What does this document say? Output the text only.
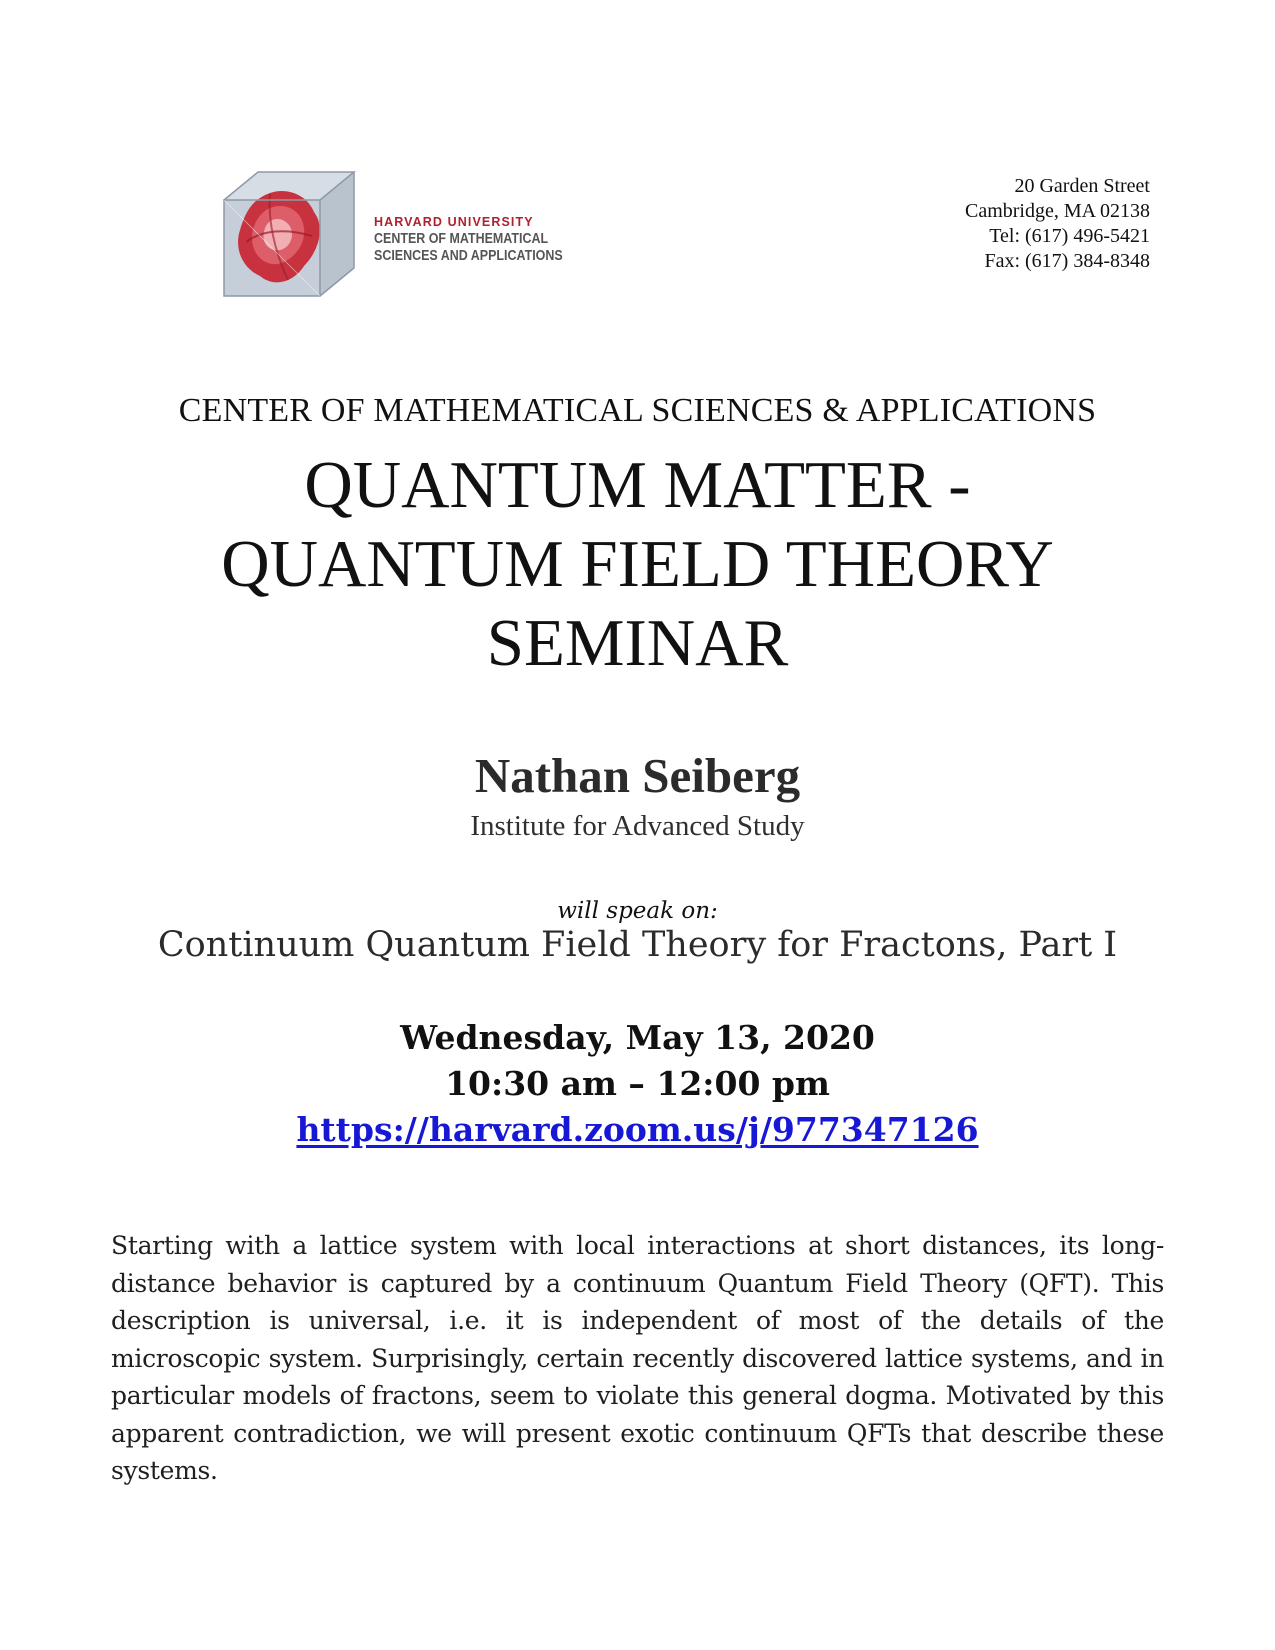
HARVARD UNIVERSITY
CENTER OF MATHEMATICAL
SCIENCES AND APPLICATIONS
20 Garden Street
Cambridge, MA 02138
Tel: (617) 496-5421
Fax: (617) 384-8348
CENTER OF MATHEMATICAL SCIENCES & APPLICATIONS
QUANTUM MATTER -
QUANTUM FIELD THEORY
SEMINAR
Nathan Seiberg
Institute for Advanced Study
will speak on:
Continuum Quantum Field Theory for Fractons, Part I
Wednesday, May 13, 2020
10:30 am – 12:00 pm
https://harvard.zoom.us/j/977347126

Starting with a lattice system with local interactions at short distances, its long-distance behavior is captured by a continuum Quantum Field Theory (QFT). This description is universal, i.e. it is independent of most of the details of the microscopic system. Surprisingly, certain recently discovered lattice systems, and in particular models of fractons, seem to violate this general dogma. Motivated by this apparent contradiction, we will present exotic continuum QFTs that describe these systems.
